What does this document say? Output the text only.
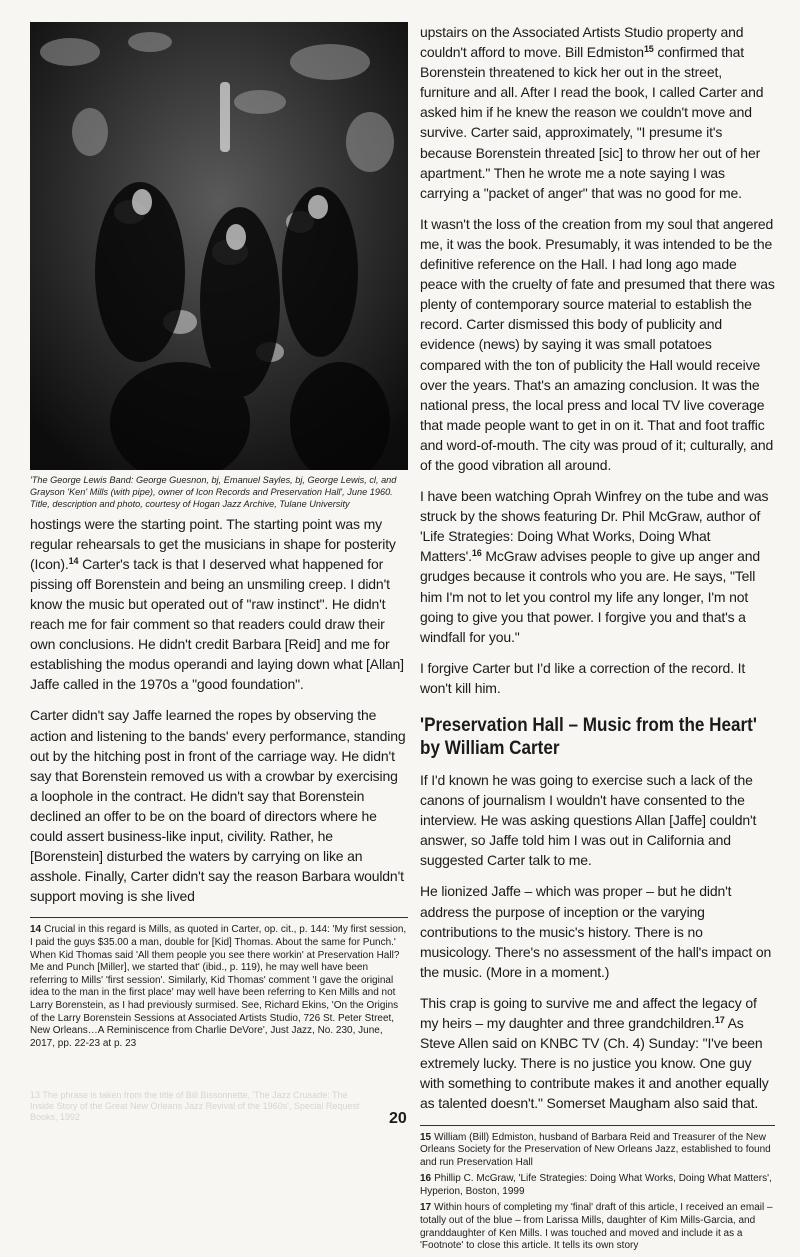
'The George Lewis Band: George Guesnon, bj, Emanuel Sayles, bj, George Lewis, cl, and Grayson 'Ken' Mills (with pipe), owner of Icon Records and Preservation Hall', June 1960. Title, description and photo, courtesy of Hogan Jazz Archive, Tulane University

hostings were the starting point. The starting point was my regular rehearsals to get the musicians in shape for posterity (Icon).$^{14}$ Carter's tack is that I deserved what happened for pissing off Borenstein and being an unsmiling creep. I didn't know the music but operated out of "raw instinct". He didn't reach me for fair comment so that readers could draw their own conclusions. He didn't credit Barbara [Reid] and me for establishing the modus operandi and laying down what [Allan] Jaffe called in the 1970s a "good foundation".

Carter didn't say Jaffe learned the ropes by observing the action and listening to the bands' every performance, standing out by the hitching post in front of the carriage way. He didn't say that Borenstein removed us with a crowbar by exercising a loophole in the contract. He didn't say that Borenstein declined an offer to be on the board of directors where he could assert business-like input, civility. Rather, he [Borenstein] disturbed the waters by carrying on like an asshole. Finally, Carter didn't say the reason Barbara wouldn't support moving is she lived

14 Crucial in this regard is Mills, as quoted in Carter, op. cit., p. 144: 'My first session, I paid the guys $35.00 a man, double for [Kid] Thomas. About the same for Punch.' When Kid Thomas said 'All them people you see there workin' at Preservation Hall? Me and Punch [Miller], we started that' (ibid., p. 119), he may well have been referring to Mills' 'first session'. Similarly, Kid Thomas' comment 'I gave the original idea to the man in the first place' may well have been referring to Ken Mills and not Larry Borenstein, as I had previously surmised. See, Richard Ekins, 'On the Origins of the Larry Borenstein Sessions at Associated Artists Studio, 726 St. Peter Street, New Orleans…A Reminiscence from Charlie DeVore', Just Jazz, No. 230, June, 2017, pp. 22-23 at p. 23

upstairs on the Associated Artists Studio property and couldn't afford to move. Bill Edmiston$^{15}$ confirmed that Borenstein threatened to kick her out in the street, furniture and all. After I read the book, I called Carter and asked him if he knew the reason we couldn't move and survive. Carter said, approximately, "I presume it's because Borenstein threated [sic] to throw her out of her apartment." Then he wrote me a note saying I was carrying a "packet of anger" that was no good for me.

It wasn't the loss of the creation from my soul that angered me, it was the book. Presumably, it was intended to be the definitive reference on the Hall. I had long ago made peace with the cruelty of fate and presumed that there was plenty of contemporary source material to establish the record. Carter dismissed this body of publicity and evidence (news) by saying it was small potatoes compared with the ton of publicity the Hall would receive over the years. That's an amazing conclusion. It was the national press, the local press and local TV live coverage that made people want to get in on it. That and foot traffic and word-of-mouth. The city was proud of it; culturally, and of the good vibration all around.

I have been watching Oprah Winfrey on the tube and was struck by the shows featuring Dr. Phil McGraw, author of 'Life Strategies: Doing What Works, Doing What Matters'.$^{16}$ McGraw advises people to give up anger and grudges because it controls who you are. He says, "Tell him I'm not to let you control my life any longer, I'm not going to give you that power. I forgive you and that's a windfall for you."

I forgive Carter but I'd like a correction of the record. It won't kill him.

'Preservation Hall – Music from the Heart' by William Carter

If I'd known he was going to exercise such a lack of the canons of journalism I wouldn't have consented to the interview. He was asking questions Allan [Jaffe] couldn't answer, so Jaffe told him I was out in California and suggested Carter talk to me.

He lionized Jaffe – which was proper – but he didn't address the purpose of inception or the varying contributions to the music's history. There is no musicology. There's no assessment of the hall's impact on the music. (More in a moment.)

This crap is going to survive me and affect the legacy of my heirs – my daughter and three grandchildren.$^{17}$ As Steve Allen said on KNBC TV (Ch. 4) Sunday: "I've been extremely lucky. There is no justice you know. One guy with something to contribute makes it and another equally as talented doesn't." Somerset Maugham also said that.

15 William (Bill) Edmiston, husband of Barbara Reid and Treasurer of the New Orleans Society for the Preservation of New Orleans Jazz, established to found and run Preservation Hall
16 Phillip C. McGraw, 'Life Strategies: Doing What Works, Doing What Matters', Hyperion, Boston, 1999
17 Within hours of completing my 'final' draft of this article, I received an email – totally out of the blue – from Larissa Mills, daughter of Kim Mills-Garcia, and granddaughter of Ken Mills. I was touched and moved and include it as a 'Footnote' to close this article. It tells its own story
13 The phrase is taken from the title of Bill Bissonnette, 'The Jazz Crusade: The Inside Story of the Great New Orleans Jazz Revival of the 1960s', Special Request Books, 1992	20
